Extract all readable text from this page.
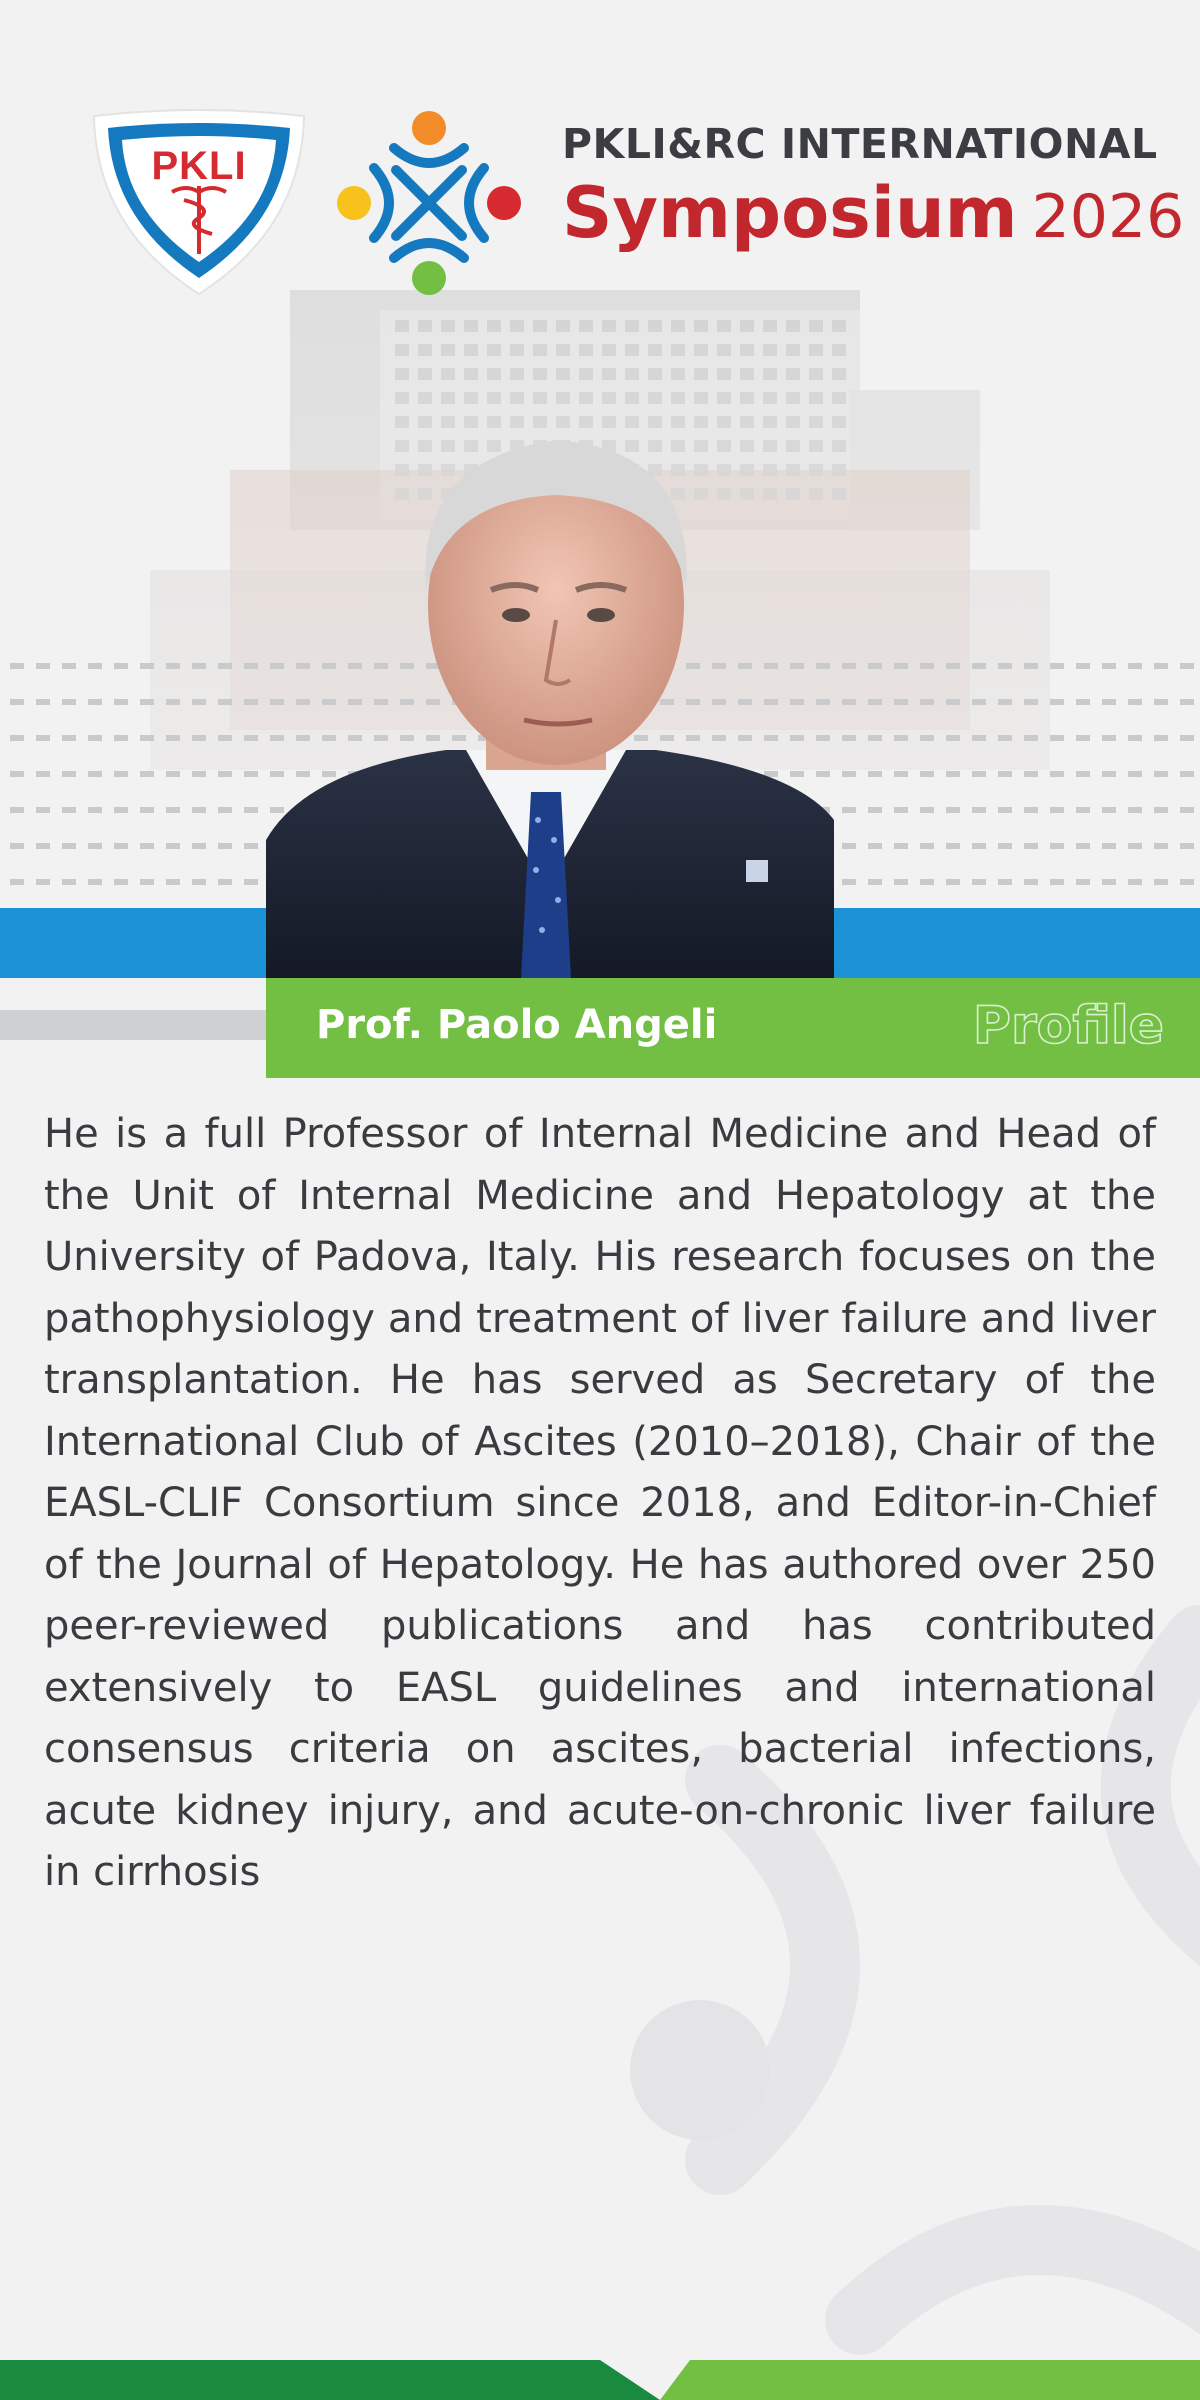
PKLI	PKLI&RC INTERNATIONAL
Symposium 2026
Prof. Paolo Angeli	Profile

He is a full Professor of Internal Medicine and Head of the Unit of Internal Medicine and Hepatology at the University of Padova, Italy. His research focuses on the pathophysiology and treatment of liver failure and liver transplantation. He has served as Secretary of the International Club of Ascites (2010–2018), Chair of the EASL-CLIF Consortium since 2018, and Editor-in-Chief of the Journal of Hepatology. He has authored over 250 peer-reviewed publications and has contributed extensively to EASL guidelines and international consensus criteria on ascites, bacterial infections, acute kidney injury, and acute-on-chronic liver failure in cirrhosis
